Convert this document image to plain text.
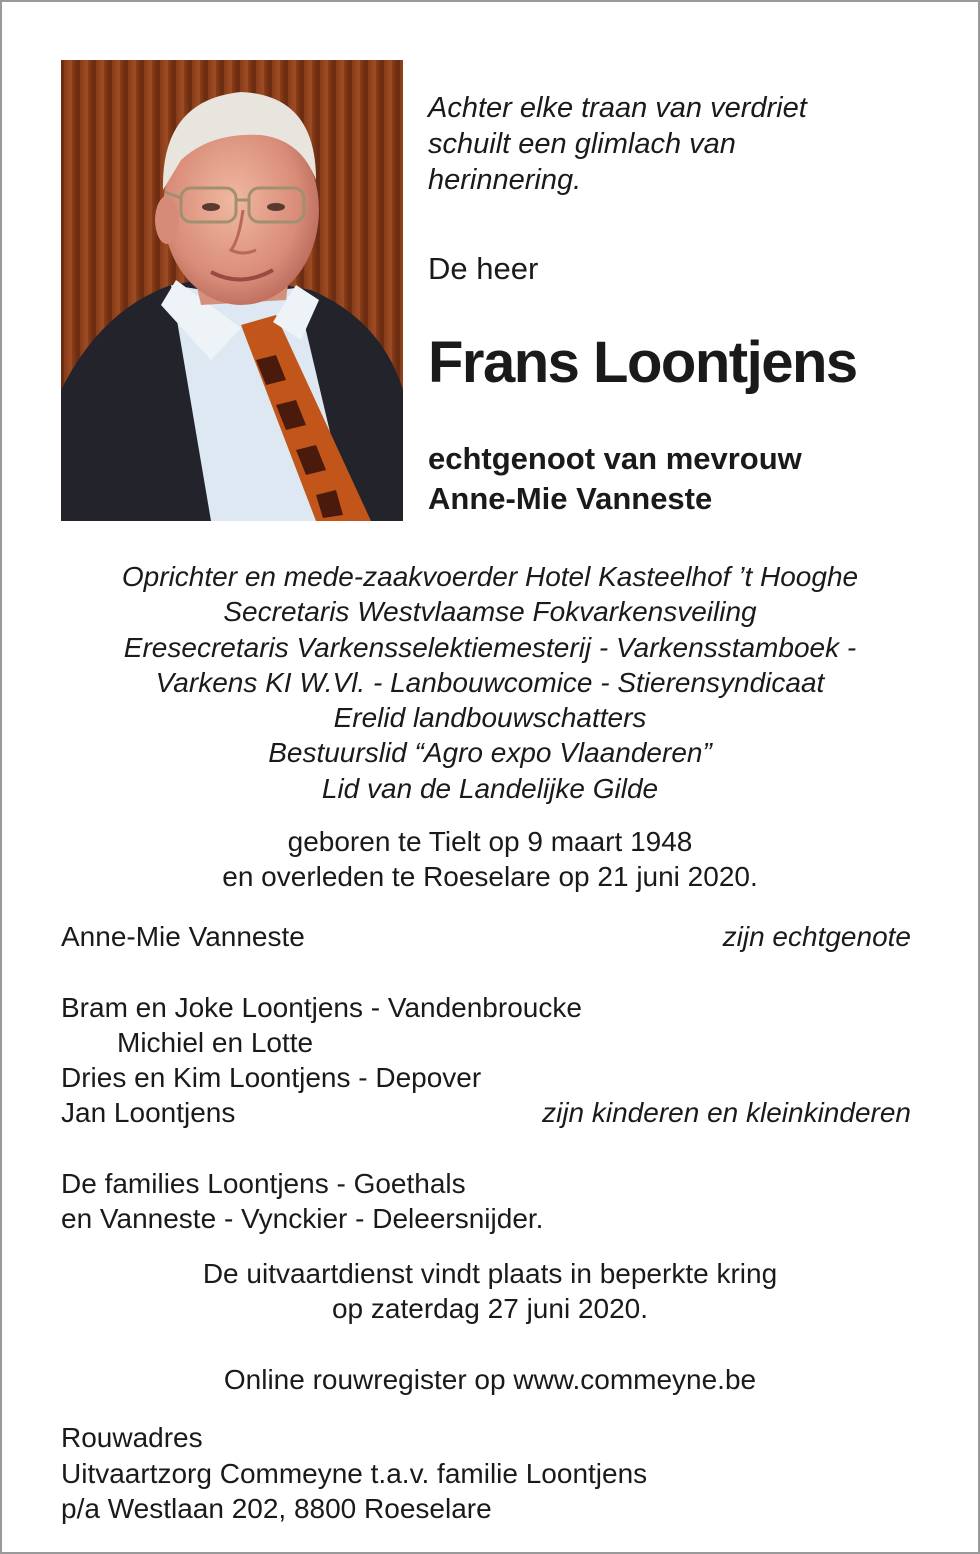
Achter elke traan van verdriet
schuilt een glimlach van
herinnering.
De heer
Frans Loontjens
echtgenoot van mevrouw
Anne-Mie Vanneste
Oprichter en mede-zaakvoerder Hotel Kasteelhof ’t Hooghe
Secretaris Westvlaamse Fokvarkensveiling
Eresecretaris Varkensselektiemesterij - Varkensstamboek -
Varkens KI W.Vl. - Lanbouwcomice - Stierensyndicaat
Erelid landbouwschatters
Bestuurslid “Agro expo Vlaanderen”
Lid van de Landelijke Gilde
geboren te Tielt op 9 maart 1948
en overleden te Roeselare op 21 juni 2020.
Anne-Mie Vanneste	zijn echtgenote
Bram en Joke Loontjens - Vandenbroucke
Michiel en Lotte
Dries en Kim Loontjens - Depover
Jan Loontjens	zijn kinderen en kleinkinderen
De families Loontjens - Goethals
en Vanneste - Vynckier - Deleersnijder.
De uitvaartdienst vindt plaats in beperkte kring
op zaterdag 27 juni 2020.
Online rouwregister op www.commeyne.be
Rouwadres
Uitvaartzorg Commeyne t.a.v. familie Loontjens
p/a Westlaan 202, 8800 Roeselare
